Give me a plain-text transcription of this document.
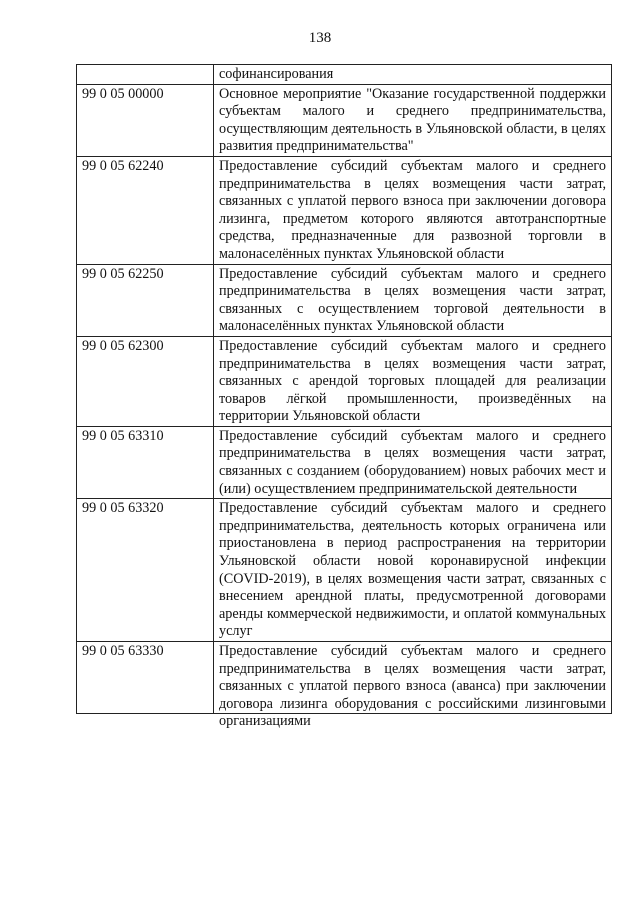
138
	софинансирования
99 0 05 00000	Основное мероприятие "Оказание государственной поддержки субъектам малого и среднего предпринимательства, осуществляющим деятельность в Ульяновской области, в целях развития предпринимательства"
99 0 05 62240	Предоставление субсидий субъектам малого и среднего предпринимательства в целях возмещения части затрат, связанных с уплатой первого взноса при заключении договора лизинга, предметом которого являются автотранспортные средства, предназначенные для развозной торговли в малонаселённых пунктах Ульяновской области
99 0 05 62250	Предоставление субсидий субъектам малого и среднего предпринимательства в целях возмещения части затрат, связанных с осуществлением торговой деятельности в малонаселённых пунктах Ульяновской области
99 0 05 62300	Предоставление субсидий субъектам малого и среднего предпринимательства в целях возмещения части затрат, связанных с арендой торговых площадей для реализации товаров лёгкой промышленности, произведённых на территории Ульяновской области
99 0 05 63310	Предоставление субсидий субъектам малого и среднего предпринимательства в целях возмещения части затрат, связанных с созданием (оборудованием) новых рабочих мест и (или) осуществлением предпринимательской деятельности
99 0 05 63320	Предоставление субсидий субъектам малого и среднего предпринимательства, деятельность которых ограничена или приостановлена в период распространения на территории Ульяновской области новой коронавирусной инфекции (COVID-2019), в целях возмещения части затрат, связанных с внесением арендной платы, предусмотренной договорами аренды коммерческой недвижимости, и оплатой коммунальных услуг
99 0 05 63330	Предоставление субсидий субъектам малого и среднего предпринимательства в целях возмещения части затрат, связанных с уплатой первого взноса (аванса) при заключении договора лизинга оборудования с российскими лизинговыми организациями
